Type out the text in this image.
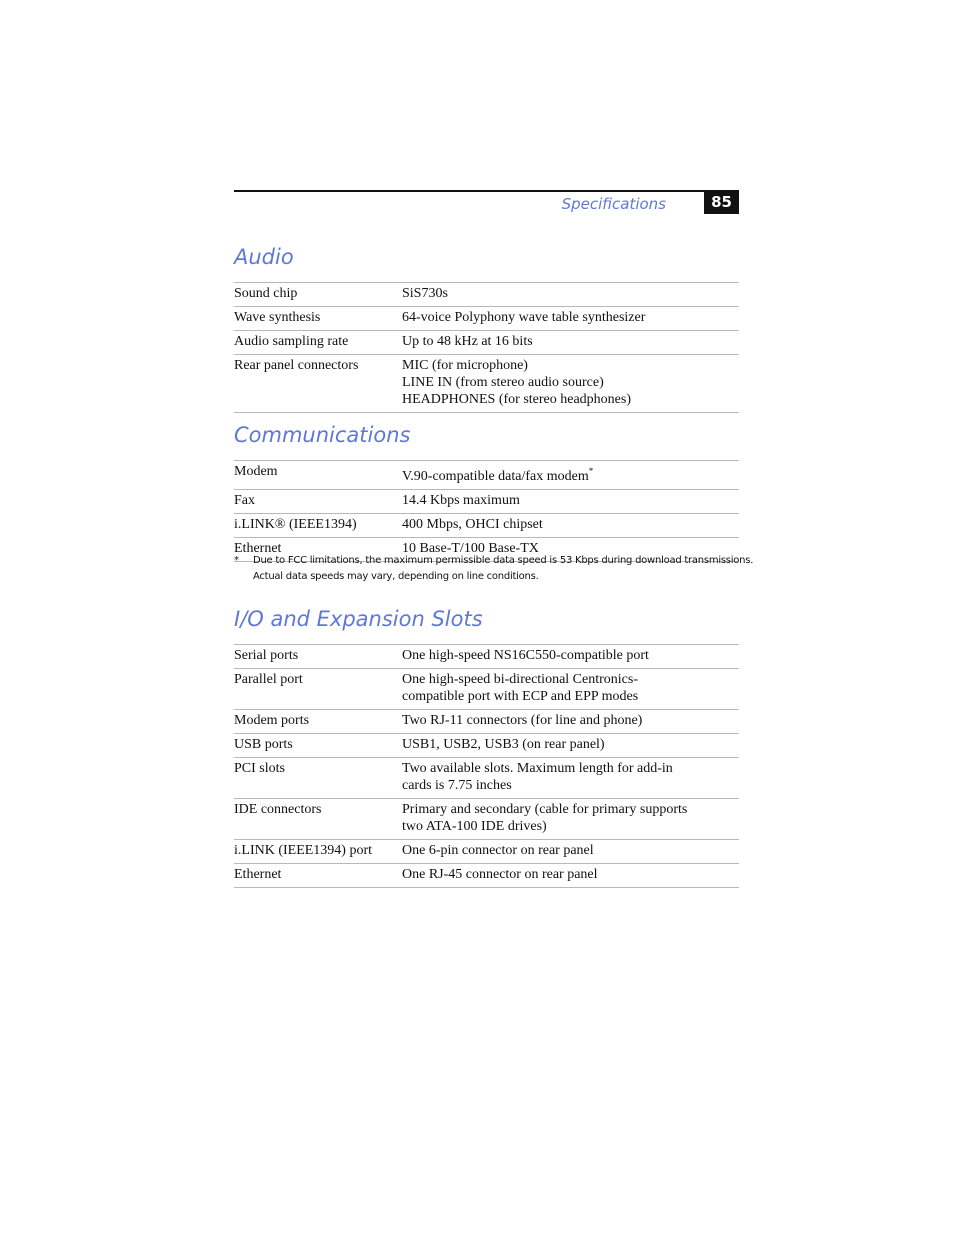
Specifications	85
Audio
Sound chip	SiS730s

Wave synthesis	64-voice Polyphony wave table synthesizer

Audio sampling rate	Up to 48 kHz at 16 bits

Rear panel connectors	MIC (for microphone)
LINE IN (from stereo audio source)
HEADPHONES (for stereo headphones)
Communications
Modem	V.90-compatible data/fax modem*
Fax	14.4 Kbps maximum

i.LINK® (IEEE1394)	400 Mbps, OHCI chipset

Ethernet	10 Base-T/100 Base-TX
* Due to FCC limitations, the maximum permissible data speed is 53 Kbps during download transmissions.
Actual data speeds may vary, depending on line conditions.
I/O and Expansion Slots
Serial ports	One high-speed NS16C550-compatible port

Parallel port	One high-speed bi-directional Centronics-
compatible port with ECP and EPP modes

Modem ports	Two RJ-11 connectors (for line and phone)

USB ports	USB1, USB2, USB3 (on rear panel)

PCI slots	Two available slots. Maximum length for add-in
cards is 7.75 inches

IDE connectors	Primary and secondary (cable for primary supports
two ATA-100 IDE drives)

i.LINK (IEEE1394) port	One 6-pin connector on rear panel

Ethernet	One RJ-45 connector on rear panel
